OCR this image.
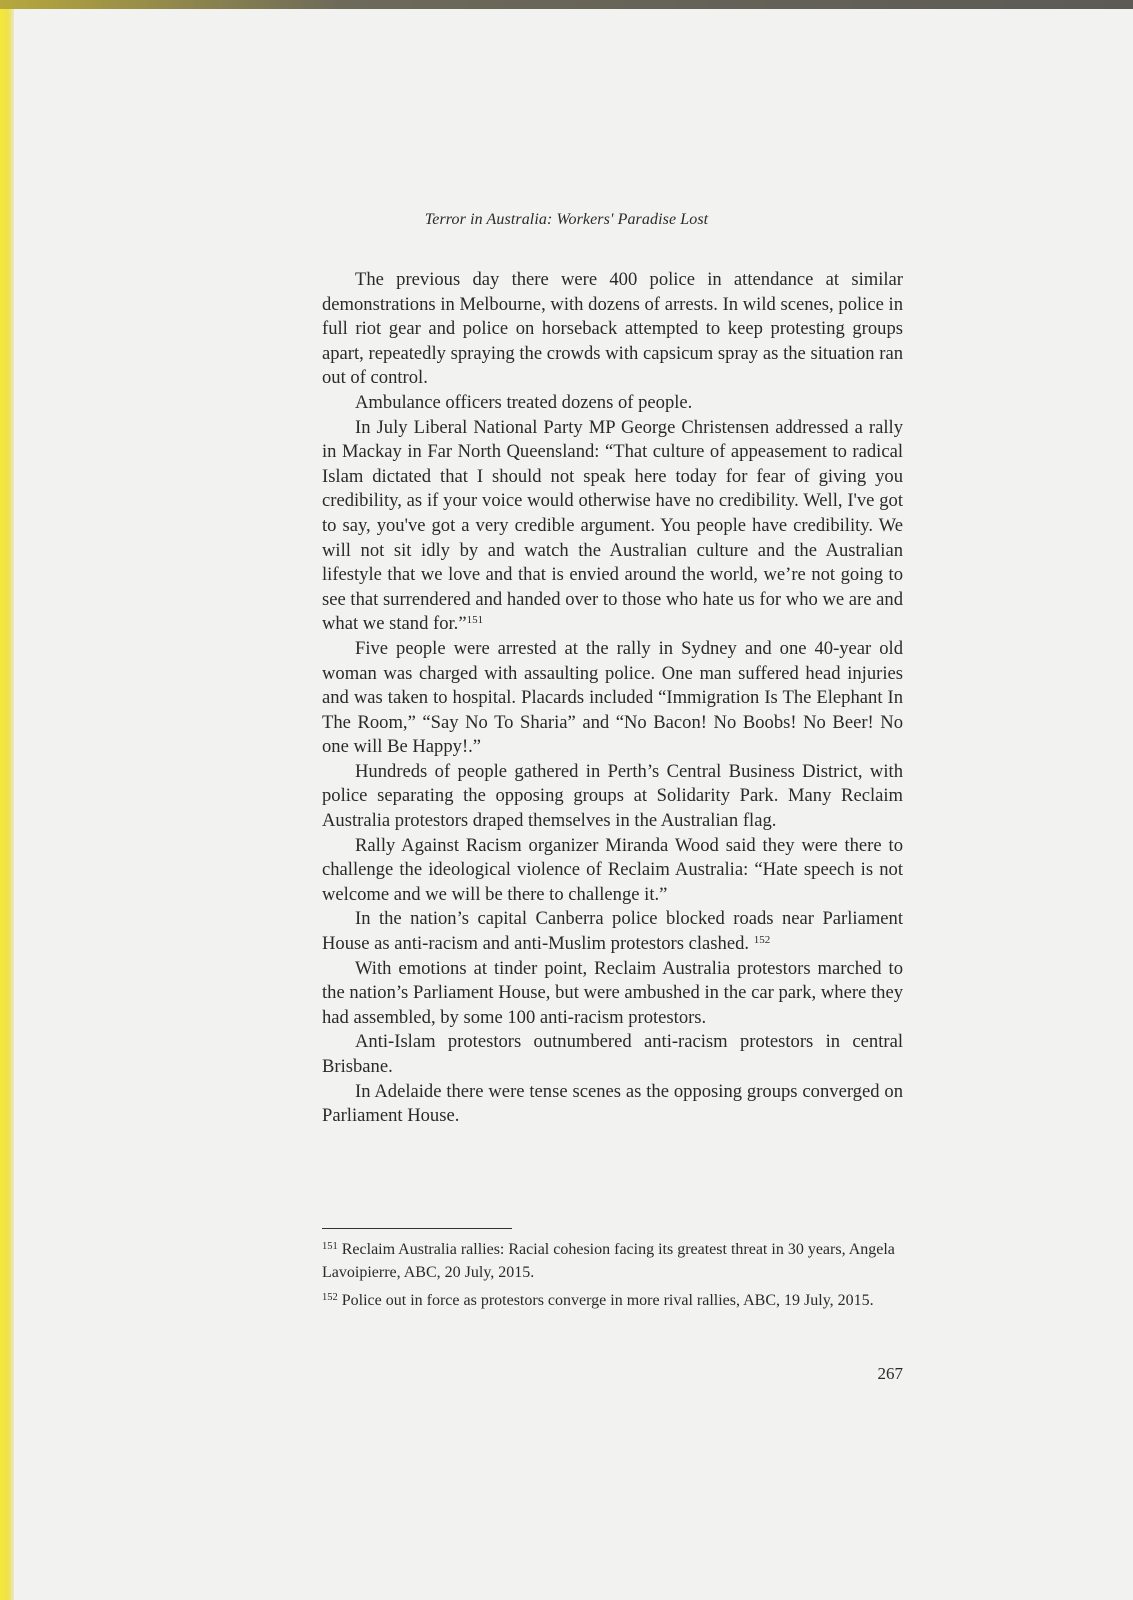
Terror in Australia: Workers' Paradise Lost

The previous day there were 400 police in attendance at similar demonstrations in Melbourne, with dozens of arrests. In wild scenes, police in full riot gear and police on horseback attempted to keep protesting groups apart, repeatedly spraying the crowds with capsicum spray as the situation ran out of control.

Ambulance officers treated dozens of people.

In July Liberal National Party MP George Christensen addressed a rally in Mackay in Far North Queensland: “That culture of appeasement to radical Islam dictated that I should not speak here today for fear of giving you credibility, as if your voice would otherwise have no credibility. Well, I've got to say, you've got a very credible argument. You people have credibility. We will not sit idly by and watch the Australian culture and the Australian lifestyle that we love and that is envied around the world, we’re not going to see that surrendered and handed over to those who hate us for who we are and what we stand for.”$^{151}$

Five people were arrested at the rally in Sydney and one 40-year old woman was charged with assaulting police. One man suffered head injuries and was taken to hospital. Placards included “Immigration Is The Elephant In The Room,” “Say No To Sharia” and “No Bacon! No Boobs! No Beer! No one will Be Happy!.”

Hundreds of people gathered in Perth’s Central Business District, with police separating the opposing groups at Solidarity Park. Many Reclaim Australia protestors draped themselves in the Australian flag.

Rally Against Racism organizer Miranda Wood said they were there to challenge the ideological violence of Reclaim Australia: “Hate speech is not welcome and we will be there to challenge it.”

In the nation’s capital Canberra police blocked roads near Parliament House as anti-racism and anti-Muslim protestors clashed. $^{152}$

With emotions at tinder point, Reclaim Australia protestors marched to the nation’s Parliament House, but were ambushed in the car park, where they had assembled, by some 100 anti-racism protestors.

Anti-Islam protestors outnumbered anti-racism protestors in central Brisbane.

In Adelaide there were tense scenes as the opposing groups converged on Parliament House.

$^{151}$ Reclaim Australia rallies: Racial cohesion facing its greatest threat in 30 years, Angela Lavoipierre, ABC, 20 July, 2015.

$^{152}$ Police out in force as protestors converge in more rival rallies, ABC, 19 July, 2015.

267
